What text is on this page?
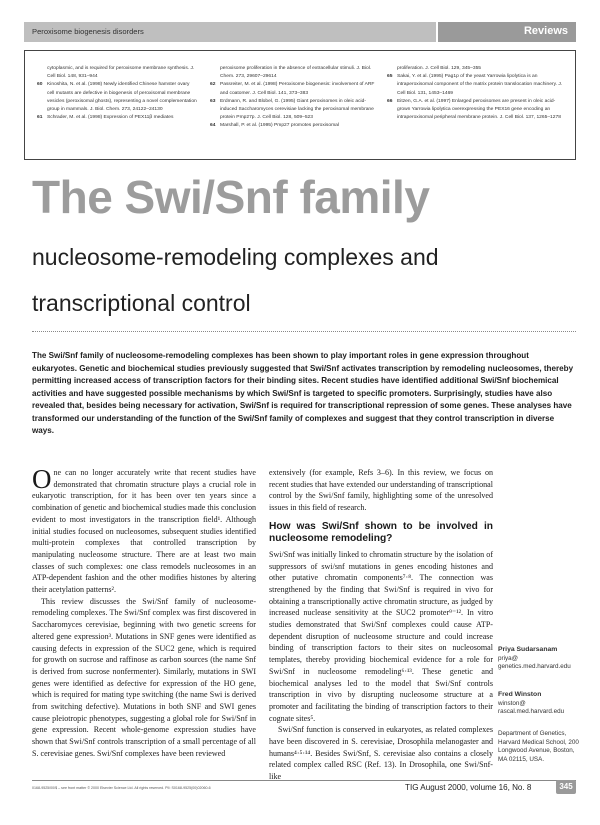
Peroxisome biogenesis disorders	Reviews
cytoplasmic, and is required for peroxisome membrane synthesis. J. Cell Biol. 148, 931–944
60 Kinoshita, N. et al. (1998) Newly identified Chinese hamster ovary cell mutants are defective in biogenesis of peroxisomal membrane vesicles (peroxisomal ghosts), representing a novel complementation group in mammals. J. Biol. Chem. 273, 24122–24130
61 Schrader, M. et al. (1998) Expression of PEX11β mediates
peroxisome proliferation in the absence of extracellular stimuli. J. Biol. Chem. 273, 29607–29614
62 Passreiter, M. et al. (1998) Peroxisome biogenesis: involvement of ARF and coatomer. J. Cell Biol. 141, 373–383
63 Erdmann, R. and Blobel, G. (1995) Giant peroxisomes in oleic acid-induced Saccharomyces cerevisiae lacking the peroxisomal membrane protein Pmp27p. J. Cell Biol. 128, 509–523
64 Marshall, P. et al. (1995) Pmp27 promotes peroxisomal
proliferation. J. Cell Biol. 129, 345–355
65 Sakai, Y. et al. (1995) Pag1p of the yeast Yarrowia lipolytica is an intraperoxisomal component of the matrix protein translocation machinery. J. Cell Biol. 131, 1453–1469
66 Eitzen, G.A. et al. (1997) Enlarged peroxisomes are present in oleic acid-grown Yarrowia lipolytica overexpressing the PEX16 gene encoding an intraperoxisomal peripheral membrane protein. J. Cell Biol. 137, 1265–1278
The Swi/Snf family
nucleosome-remodeling complexes and
transcriptional control

The Swi/Snf family of nucleosome-remodeling complexes has been shown to play important roles in gene expression throughout eukaryotes. Genetic and biochemical studies previously suggested that Swi/Snf activates transcription by remodeling nucleosomes, thereby permitting increased access of transcription factors for their binding sites. Recent studies have identified additional Swi/Snf biochemical activities and have suggested possible mechanisms by which Swi/Snf is targeted to specific promoters. Surprisingly, studies have also revealed that, besides being necessary for activation, Swi/Snf is required for transcriptional repression of some genes. These analyses have transformed our understanding of the function of the Swi/Snf family of complexes and suggest that they control transcription in diverse ways.

One can no longer accurately write that recent studies have demonstrated that chromatin structure plays a crucial role in eukaryotic transcription, for it has been over ten years since a combination of genetic and biochemical studies made this conclusion evident to most investigators in the transcription field¹. Although initial studies focused on nucleosomes, subsequent studies identified multi-protein complexes that controlled transcription by manipulating nucleosome structure. There are at least two main classes of such complexes: one class remodels nucleosomes in an ATP-dependent fashion and the other modifies histones by altering their acetylation patterns².

This review discusses the Swi/Snf family of nucleosome-remodeling complexes. The Swi/Snf complex was first discovered in Saccharomyces cerevisiae, beginning with two genetic screens for altered gene expression³. Mutations in SNF genes were identified as causing defects in expression of the SUC2 gene, which is required for growth on sucrose and raffinose as carbon sources (the name Snf is derived from sucrose nonfermenter). Similarly, mutations in SWI genes were identified as defective for expression of the HO gene, which is required for mating type switching (the name Swi is derived from switching defective). Mutations in both SNF and SWI genes cause pleiotropic phenotypes, suggesting a global role for Swi/Snf in gene expression. Recent whole-genome expression studies have shown that Swi/Snf controls transcription of a small percentage of all S. cerevisiae genes. Swi/Snf complexes have been reviewed

extensively (for example, Refs 3–6). In this review, we focus on recent studies that have extended our understanding of transcriptional control by the Swi/Snf family, highlighting some of the unresolved issues in this field of research.

How was Swi/Snf shown to be involved in nucleosome remodeling?

Swi/Snf was initially linked to chromatin structure by the isolation of suppressors of swi/snf mutations in genes encoding histones and other putative chromatin components⁷·⁸. The connection was strengthened by the finding that Swi/Snf is required in vivo for obtaining a transcriptionally active chromatin structure, as judged by increased nuclease sensitivity at the SUC2 promoter⁹⁻¹². In vitro studies demonstrated that Swi/Snf complexes could cause ATP-dependent disruption of nucleosome structure and could increase binding of transcription factors to their sites on nucleosomal templates, thereby providing biochemical evidence for a role for Swi/Snf in nucleosome remodeling⁶·¹³. These genetic and biochemical analyses led to the model that Swi/Snf controls transcription in vivo by disrupting nucleosome structure at a promoter and facilitating the binding of transcription factors to their cognate sites⁵.

Swi/Snf function is conserved in eukaryotes, as related complexes have been discovered in S. cerevisiae, Drosophila melanogaster and humans⁴·⁵·¹⁴. Besides Swi/Snf, S. cerevisiae also contains a closely related complex called RSC (Ref. 13). In Drosophila, one Swi/Snf-like

Priya Sudarsanam
priya@ genetics.med.harvard.edu
Fred Winston
winston@ rascal.med.harvard.edu
Department of Genetics, Harvard Medical School, 200 Longwood Avenue, Boston, MA 02115, USA.
0168-9525/00/$ – see front matter © 2000 Elsevier Science Ltd. All rights reserved. PII: S0168-9525(00)02060-6	TIG August 2000, volume 16, No. 8	345
